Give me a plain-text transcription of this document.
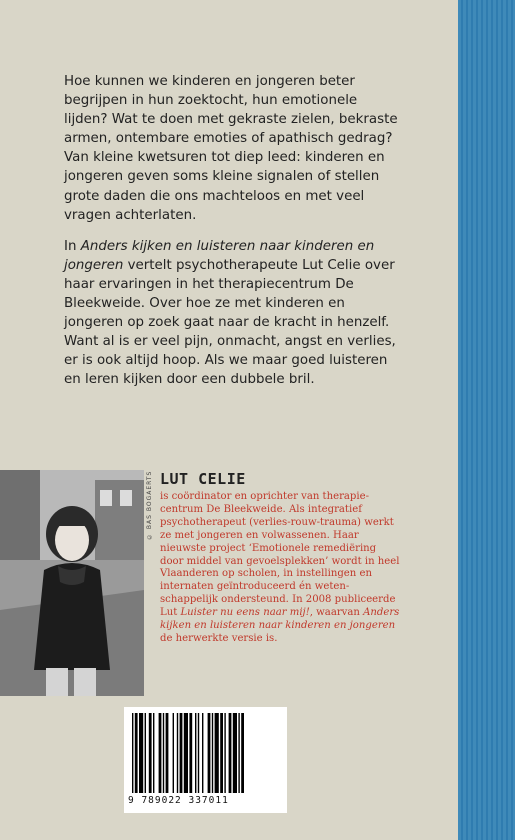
Hoe kunnen we kinderen en jongeren beter begrijpen in hun zoektocht, hun emotionele lijden? Wat te doen met gekraste zielen, bekraste armen, ontembare emoties of apathisch gedrag? Van kleine kwetsuren tot diep leed: kinderen en jongeren geven soms kleine signalen of stellen grote daden die ons machteloos en met veel vragen achterlaten.

In Anders kijken en luisteren naar kinderen en jongeren vertelt psychotherapeute Lut Celie over haar ervaringen in het therapiecentrum De Bleekweide. Over hoe ze met kinderen en jongeren op zoek gaat naar de kracht in henzelf. Want al is er veel pijn, onmacht, angst en verlies, er is ook altijd hoop. Als we maar goed luisteren en leren kijken door een dubbele bril.

© BAS BOGAERTS LUT CELIE
is coördinator en oprichter van therapiecentrum De Bleekweide. Als integratief psychotherapeut (verlies-rouw-trauma) werkt ze met jongeren en volwassenen. Haar nieuwste project ‘Emotionele remediëring door middel van gevoelsplekken’ wordt in heel Vlaanderen op scholen, in instellingen en internaten geïntroduceerd én wetenschappelijk ondersteund. In 2008 publiceerde Lut Luister nu eens naar mij!, waarvan Anders kijken en luisteren naar kinderen en jongeren de herwerkte versie is.
9 789022 337011
